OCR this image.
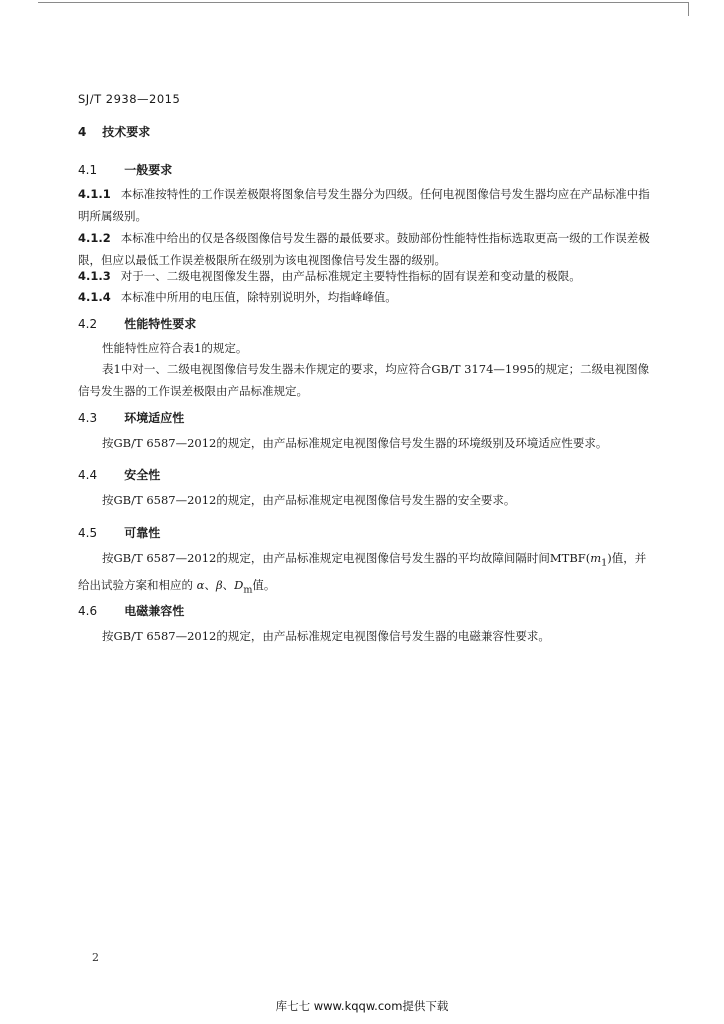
SJ/T 2938—2015
4 技术要求
4.1 一般要求
4.1.1 本标准按特性的工作误差极限将图象信号发生器分为四级。任何电视图像信号发生器均应在产品标准中指明所属级别。
4.1.2 本标准中给出的仅是各级图像信号发生器的最低要求。鼓励部份性能特性指标选取更高一级的工作误差极限，但应以最低工作误差极限所在级别为该电视图像信号发生器的级别。
4.1.3 对于一、二级电视图像发生器，由产品标准规定主要特性指标的固有误差和变动量的极限。
4.1.4 本标准中所用的电压值，除特别说明外，均指峰峰值。
4.2 性能特性要求
性能特性应符合表1的规定。
表1中对一、二级电视图像信号发生器未作规定的要求，均应符合GB/T 3174—1995的规定；二级电视图像信号发生器的工作误差极限由产品标准规定。
4.3 环境适应性
按GB/T 6587—2012的规定，由产品标准规定电视图像信号发生器的环境级别及环境适应性要求。
4.4 安全性
按GB/T 6587—2012的规定，由产品标准规定电视图像信号发生器的安全要求。
4.5 可靠性
按GB/T 6587—2012的规定，由产品标准规定电视图像信号发生器的平均故障间隔时间$MTBF(m_1)$值，并给出试验方案和相应的 α、β、$D_m$值。
4.6 电磁兼容性
按GB/T 6587—2012的规定，由产品标准规定电视图像信号发生器的电磁兼容性要求。
2
库七七 www.kqqw.com提供下载
